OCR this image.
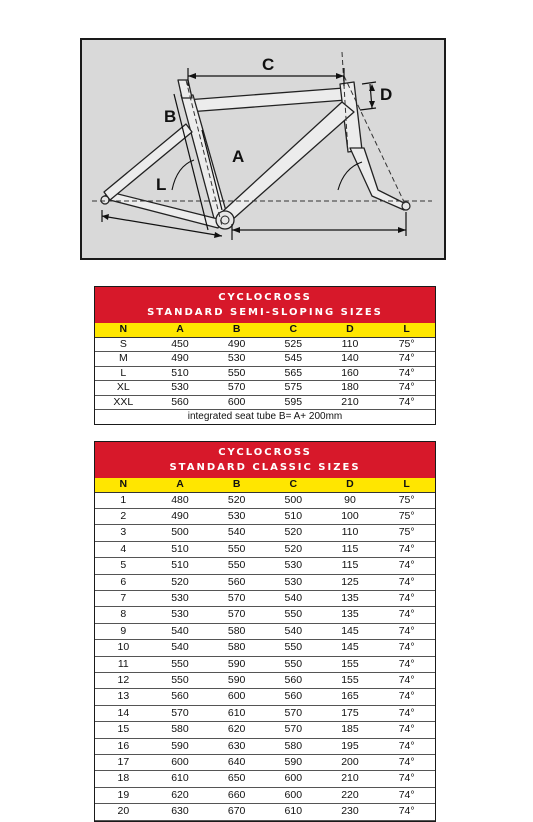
C
D
B
A
L
CYCLOCROSS
STANDARD SEMI-SLOPING SIZES
N	A	B	C	D	L
S	450	490	525	110	75°
M	490	530	545	140	74°
L	510	550	565	160	74°
XL	530	570	575	180	74°
XXL	560	600	595	210	74°
integrated seat tube B= A+ 200mm					
CYCLOCROSS
STANDARD CLASSIC SIZES
N	A	B	C	D	L
1	480	520	500	90	75°
2	490	530	510	100	75°
3	500	540	520	110	75°
4	510	550	520	115	74°
5	510	550	530	115	74°
6	520	560	530	125	74°
7	530	570	540	135	74°
8	530	570	550	135	74°
9	540	580	540	145	74°
10	540	580	550	145	74°
11	550	590	550	155	74°
12	550	590	560	155	74°
13	560	600	560	165	74°
14	570	610	570	175	74°
15	580	620	570	185	74°
16	590	630	580	195	74°
17	600	640	590	200	74°
18	610	650	600	210	74°
19	620	660	600	220	74°
20	630	670	610	230	74°
